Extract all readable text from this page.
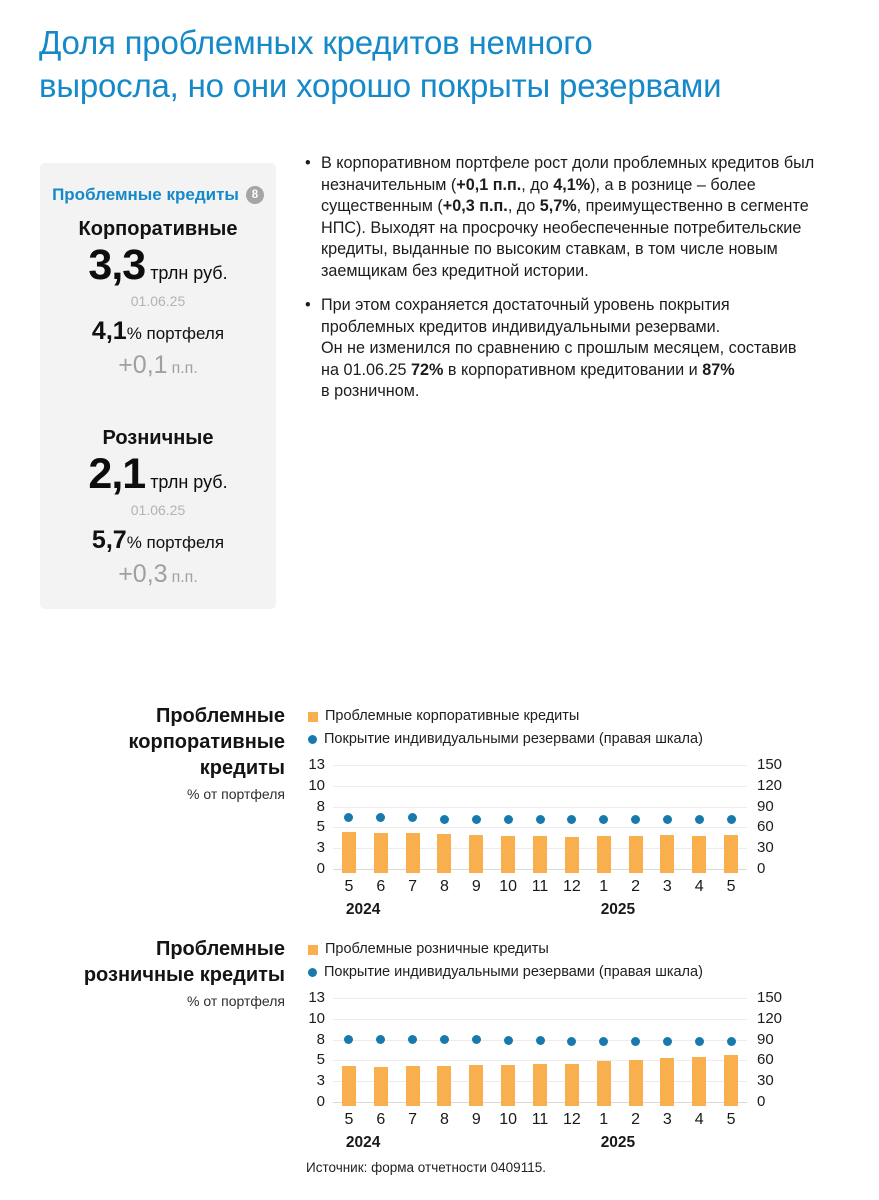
Доля проблемных кредитов немного
выросла, но они хорошо покрыты резервами
Проблемные кредиты	8
Корпоративные
3,3 трлн руб.
01.06.25
4,1% портфеля
+0,1 п.п.
Розничные
2,1 трлн руб.
01.06.25
5,7% портфеля
+0,3 п.п.
• В корпоративном портфеле рост доли проблемных кредитов был
незначительным (+0,1 п.п., до 4,1%), а в рознице – более
существенным (+0,3 п.п., до 5,7%, преимущественно в сегменте
НПС). Выходят на просрочку необеспеченные потребительские
кредиты, выданные по высоким ставкам, в том числе новым
заемщикам без кредитной истории.
• При этом сохраняется достаточный уровень покрытия
проблемных кредитов индивидуальными резервами.
Он не изменился по сравнению с прошлым месяцем, составив
на 01.06.25 72% в корпоративном кредитовании и 87%
в розничном.
Проблемные
корпоративные
кредиты
% от портфеля
Проблемные корпоративные кредиты
Покрытие индивидуальными резервами (правая шкала)
13	150
10	120
8	90
5	60
3	30
0	0
5	6	7	8	9	10 11 12	1	2	3	4	5
2024	2025
Проблемные
розничные кредиты
% от портфеля
Проблемные розничные кредиты
Покрытие индивидуальными резервами (правая шкала)
13	150
10	120
8	90
5	60
3	30
0	0
5	6	7	8	9	10 11 12	1	2	3	4	5
2024	2025
Источник: форма отчетности 0409115.
